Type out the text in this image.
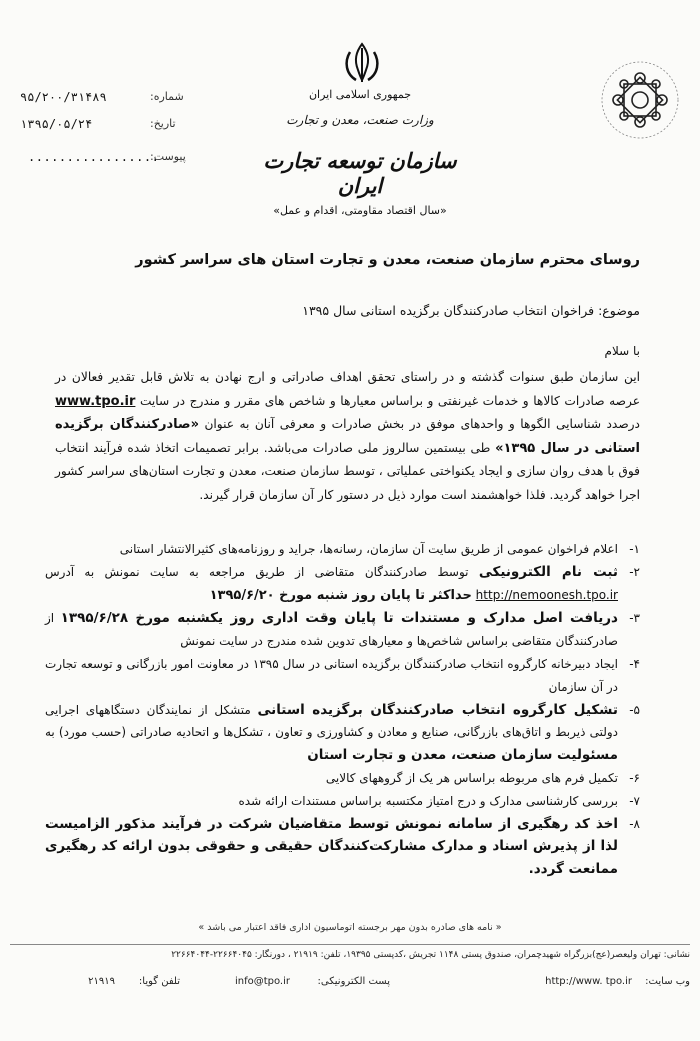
جمهوری اسلامی ایران
وزارت صنعت، معدن و تجارت
سازمان توسعه تجارت ایران
«سال اقتصاد مقاومتی، اقدام و عمل»
شماره:
۹۵/۲۰۰/۳۱۴۸۹
تاریخ:
۱۳۹۵/۰۵/۲۴
پیوست:
.................
روسای محترم سازمان صنعت، معدن و تجارت استان های سراسر کشور
موضوع: فراخوان انتخاب صادرکنندگان برگزیده استانی سال ۱۳۹۵
با سلام
این سازمان طبق سنوات گذشته و در راستای تحقق اهداف صادراتی و ارج نهادن به تلاش قابل تقدیر فعالان در عرصه صادرات کالاها و خدمات غیرنفتی و براساس معیارها و شاخص های مقرر و مندرج در سایت www.tpo.ir درصدد شناسایی الگوها و واحدهای موفق در بخش صادرات و معرفی آنان به عنوان «صادرکنندگان برگزیده استانی در سال ۱۳۹۵» طی بیستمین سالروز ملی صادرات می‌باشد. برابر تصمیمات اتخاذ شده فرآیند انتخاب فوق با هدف روان سازی و ایجاد یکنواختی عملیاتی ، توسط سازمان صنعت، معدن و تجارت استان‌های سراسر کشور اجرا خواهد گردید. فلذا خواهشمند است موارد ذیل در دستور کار آن سازمان قرار گیرند.
۱-
اعلام فراخوان عمومی از طریق سایت آن سازمان، رسانه‌ها، جراید و روزنامه‌های کثیرالانتشار استانی
۲-
ثبت نام الکترونیکی توسط صادرکنندگان متقاضی از طریق مراجعه به سایت نمونش به آدرس http://nemoonesh.tpo.ir حداکثر تا پایان روز شنبه مورخ ۱۳۹۵/۶/۲۰
۳-
دریافت اصل مدارک و مستندات تا پایان وقت اداری روز یکشنبه مورخ ۱۳۹۵/۶/۲۸ از صادرکنندگان متقاضی براساس شاخص‌ها و معیارهای تدوین شده مندرج در سایت نمونش
۴-
ایجاد دبیرخانه کارگروه انتخاب صادرکنندگان برگزیده استانی در سال ۱۳۹۵ در معاونت امور بازرگانی و توسعه تجارت در آن سازمان
۵-
تشکیل کارگروه انتخاب صادرکنندگان برگزیده استانی متشکل از نمایندگان دستگاههای اجرایی دولتی ذیربط و اتاق‌های بازرگانی، صنایع و معادن و کشاورزی و تعاون ، تشکل‌ها و اتحادیه صادراتی (حسب مورد) به مسئولیت سازمان صنعت، معدن و تجارت استان
۶-
تکمیل فرم های مربوطه براساس هر یک از گروههای کالایی
۷-
بررسی کارشناسی مدارک و درج امتیاز مکتسبه براساس مستندات ارائه شده
۸-
اخذ کد رهگیری از سامانه نمونش توسط متقاضیان شرکت در فرآیند مذکور الزامیست لذا از پذیرش اسناد و مدارک مشارکت‌کنندگان حقیقی و حقوقی بدون ارائه کد رهگیری ممانعت گردد.
« نامه های صادره بدون مهر برجسته اتوماسیون اداری فاقد اعتبار می باشد »
نشانی: تهران ولیعصر(عج)بزرگراه شهیدچمران، صندوق پستی ۱۱۴۸ تجریش ،کدپستی ۱۹۳۹۵، تلفن: ۲۱۹۱۹ ، دورنگار: ۲۲۶۶۴۰۴۵-۲۲۶۶۴۰۴۴
وب سایت:
http://www. tpo.ir
پست الکترونیکی:
info@tpo.ir
تلفن گویا:
۲۱۹۱۹
